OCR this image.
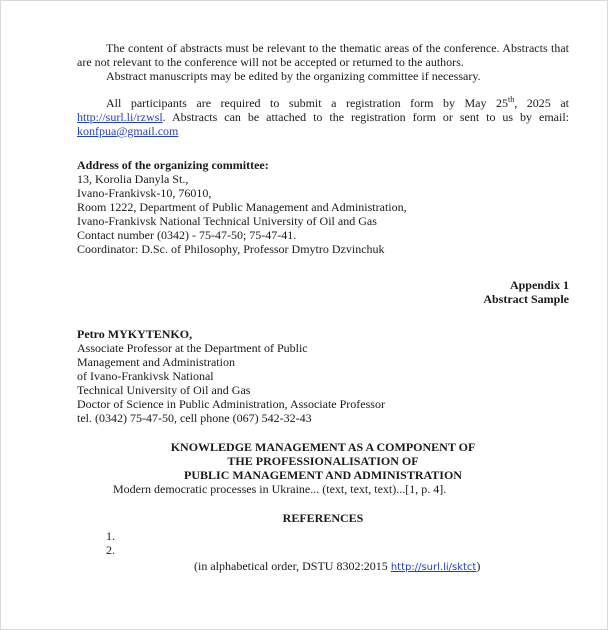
The content of abstracts must be relevant to the thematic areas of the conference. Abstracts that are not relevant to the conference will not be accepted or returned to the authors.

Abstract manuscripts may be edited by the organizing committee if necessary.

All participants are required to submit a registration form by May 25th, 2025 at http://surl.li/rzwsl. Abstracts can be attached to the registration form or sent to us by email: konfpua@gmail.com

Address of the organizing committee:

13, Korolia Danyla St.,

Ivano-Frankivsk-10, 76010,

Room 1222, Department of Public Management and Administration,

Ivano-Frankivsk National Technical University of Oil and Gas

Contact number (0342) - 75-47-50; 75-47-41.

Coordinator: D.Sc. of Philosophy, Professor Dmytro Dzvinchuk

Appendix 1

Abstract Sample

Petro MYKYTENKO,

Associate Professor at the Department of Public

Management and Administration

of Ivano-Frankivsk National

Technical University of Oil and Gas

Doctor of Science in Public Administration, Associate Professor

tel. (0342) 75-47-50, cell phone (067) 542-32-43

KNOWLEDGE MANAGEMENT AS A COMPONENT OF

THE PROFESSIONALISATION OF

PUBLIC MANAGEMENT AND ADMINISTRATION

Modern democratic processes in Ukraine... (text, text, text)...[1, p. 4].

REFERENCES

1.
2.

(in alphabetical order, DSTU 8302:2015 http://surl.li/sktct)
